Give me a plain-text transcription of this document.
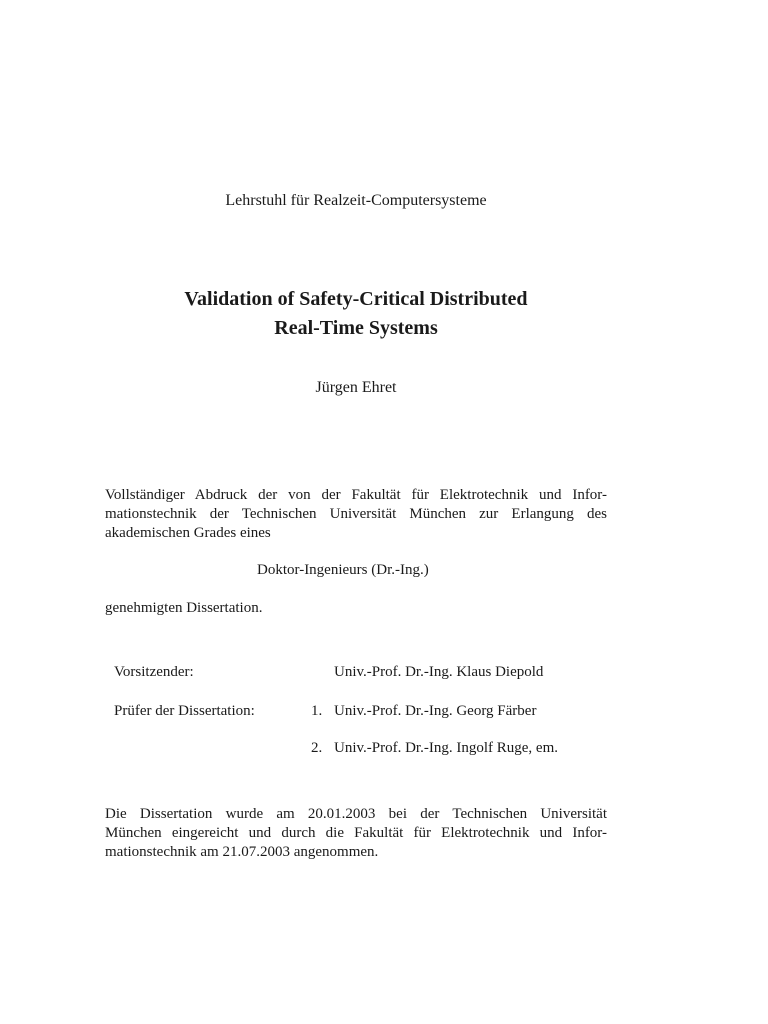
Lehrstuhl für Realzeit-Computersysteme
Validation of Safety-Critical Distributed
Real-Time Systems
Jürgen Ehret
Vollständiger Abdruck der von der Fakultät für Elektrotechnik und Infor-
mationstechnik der Technischen Universität München zur Erlangung des
akademischen Grades eines
Doktor-Ingenieurs (Dr.-Ing.)
genehmigten Dissertation.
Vorsitzender:	Univ.-Prof. Dr.-Ing. Klaus Diepold
Prüfer der Dissertation:	1. Univ.-Prof. Dr.-Ing. Georg Färber
2. Univ.-Prof. Dr.-Ing. Ingolf Ruge, em.
Die Dissertation wurde am 20.01.2003 bei der Technischen Universität
München eingereicht und durch die Fakultät für Elektrotechnik und Infor-
mationstechnik am 21.07.2003 angenommen.
